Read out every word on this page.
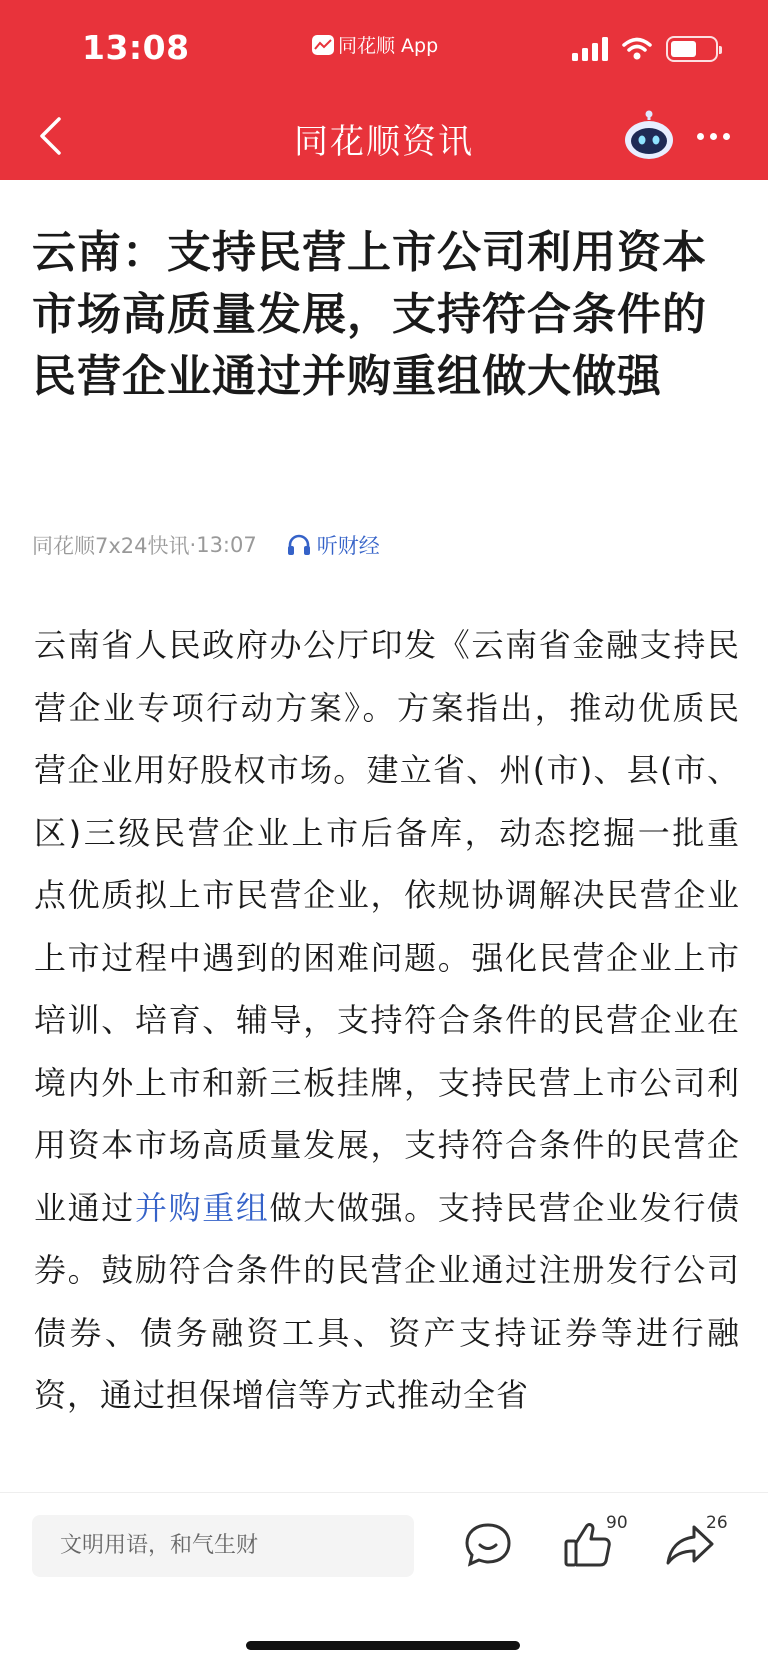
13:08	同花顺 App
同花顺资讯
云南：支持民营上市公司利用资本市场高质量发展，支持符合条件的民营企业通过并购重组做大做强
同花顺7x24快讯 · 13:07	听财经
云南省人民政府办公厅印发《云南省金融支持民营企业专项行动方案》。方案指出，推动优质民营企业用好股权市场。建立省、州(市)、县(市、区)三级民营企业上市后备库，动态挖掘一批重点优质拟上市民营企业，依规协调解决民营企业上市过程中遇到的困难问题。强化民营企业上市培训、培育、辅导，支持符合条件的民营企业在境内外上市和新三板挂牌，支持民营上市公司利用资本市场高质量发展，支持符合条件的民营企业通过并购重组做大做强。支持民营企业发行债券。鼓励符合条件的民营企业通过注册发行公司债券、债务融资工具、资产支持证券等进行融资，通过担保增信等方式推动全省
文明用语，和气生财
90	26
